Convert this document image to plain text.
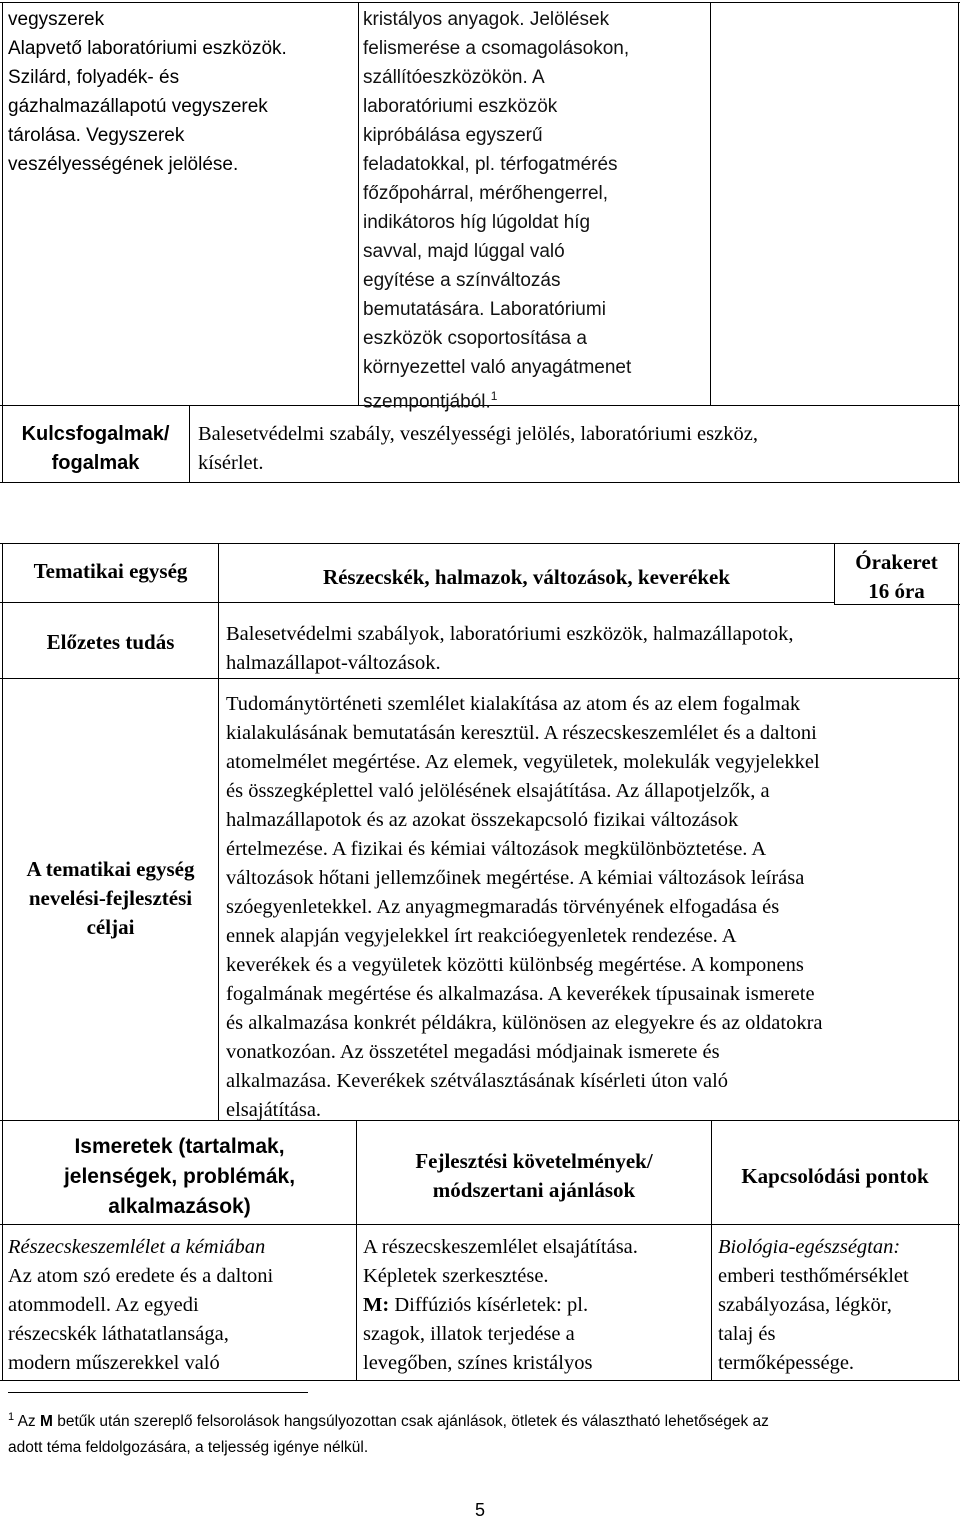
vegyszerek
Alapvető laboratóriumi eszközök.
Szilárd, folyadék- és
gázhalmazállapotú vegyszerek
tárolása. Vegyszerek
veszélyességének jelölése.
kristályos anyagok. Jelölések
felismerése a csomagolásokon,
szállítóeszközökön. A
laboratóriumi eszközök
kipróbálása egyszerű
feladatokkal, pl. térfogatmérés
főzőpohárral, mérőhengerrel,
indikátoros híg lúgoldat híg
savval, majd lúggal való
egyítése a színváltozás
bemutatására. Laboratóriumi
eszközök csoportosítása a
környezettel való anyagátmenet
szempontjából.$^1$
Kulcsfogalmak/
fogalmak
Balesetvédelmi szabály, veszélyességi jelölés, laboratóriumi eszköz,
kísérlet.
Tematikai egység	Részecskék, halmazok, változások, keverékek
Órakeret
16 óra
Előzetes tudás	Balesetvédelmi szabályok, laboratóriumi eszközök, halmazállapotok,
halmazállapot-változások.
A tematikai egység
nevelési-fejlesztési
céljai
Tudománytörténeti szemlélet kialakítása az atom és az elem fogalmak
kialakulásának bemutatásán keresztül. A részecskeszemlélet és a daltoni
atomelmélet megértése. Az elemek, vegyületek, molekulák vegyjelekkel
és összegképlettel való jelölésének elsajátítása. Az állapotjelzők, a
halmazállapotok és az azokat összekapcsoló fizikai változások
értelmezése. A fizikai és kémiai változások megkülönböztetése. A
változások hőtani jellemzőinek megértése. A kémiai változások leírása
szóegyenletekkel. Az anyagmegmaradás törvényének elfogadása és
ennek alapján vegyjelekkel írt reakcióegyenletek rendezése. A
keverékek és a vegyületek közötti különbség megértése. A komponens
fogalmának megértése és alkalmazása. A keverékek típusainak ismerete
és alkalmazása konkrét példákra, különösen az elegyekre és az oldatokra
vonatkozóan. Az összetétel megadási módjainak ismerete és
alkalmazása. Keverékek szétválasztásának kísérleti úton való
elsajátítása.
Ismeretek (tartalmak,
jelenségek, problémák,
alkalmazások)
Fejlesztési követelmények/
módszertani ajánlások
Kapcsolódási pontok
Részecskeszemlélet a kémiában
Az atom szó eredete és a daltoni
atommodell. Az egyedi
részecskék láthatatlansága,
modern műszerekkel való
A részecskeszemlélet elsajátítása.
Képletek szerkesztése.
M: Diffúziós kísérletek: pl.
szagok, illatok terjedése a
levegőben, színes kristályos
Biológia-egészségtan:
emberi testhőmérséklet
szabályozása, légkör,
talaj és
termőképessége.
$^1$ Az M betűk után szereplő felsorolások hangsúlyozottan csak ajánlások, ötletek és választható lehetőségek az
adott téma feldolgozására, a teljesség igénye nélkül.
5
